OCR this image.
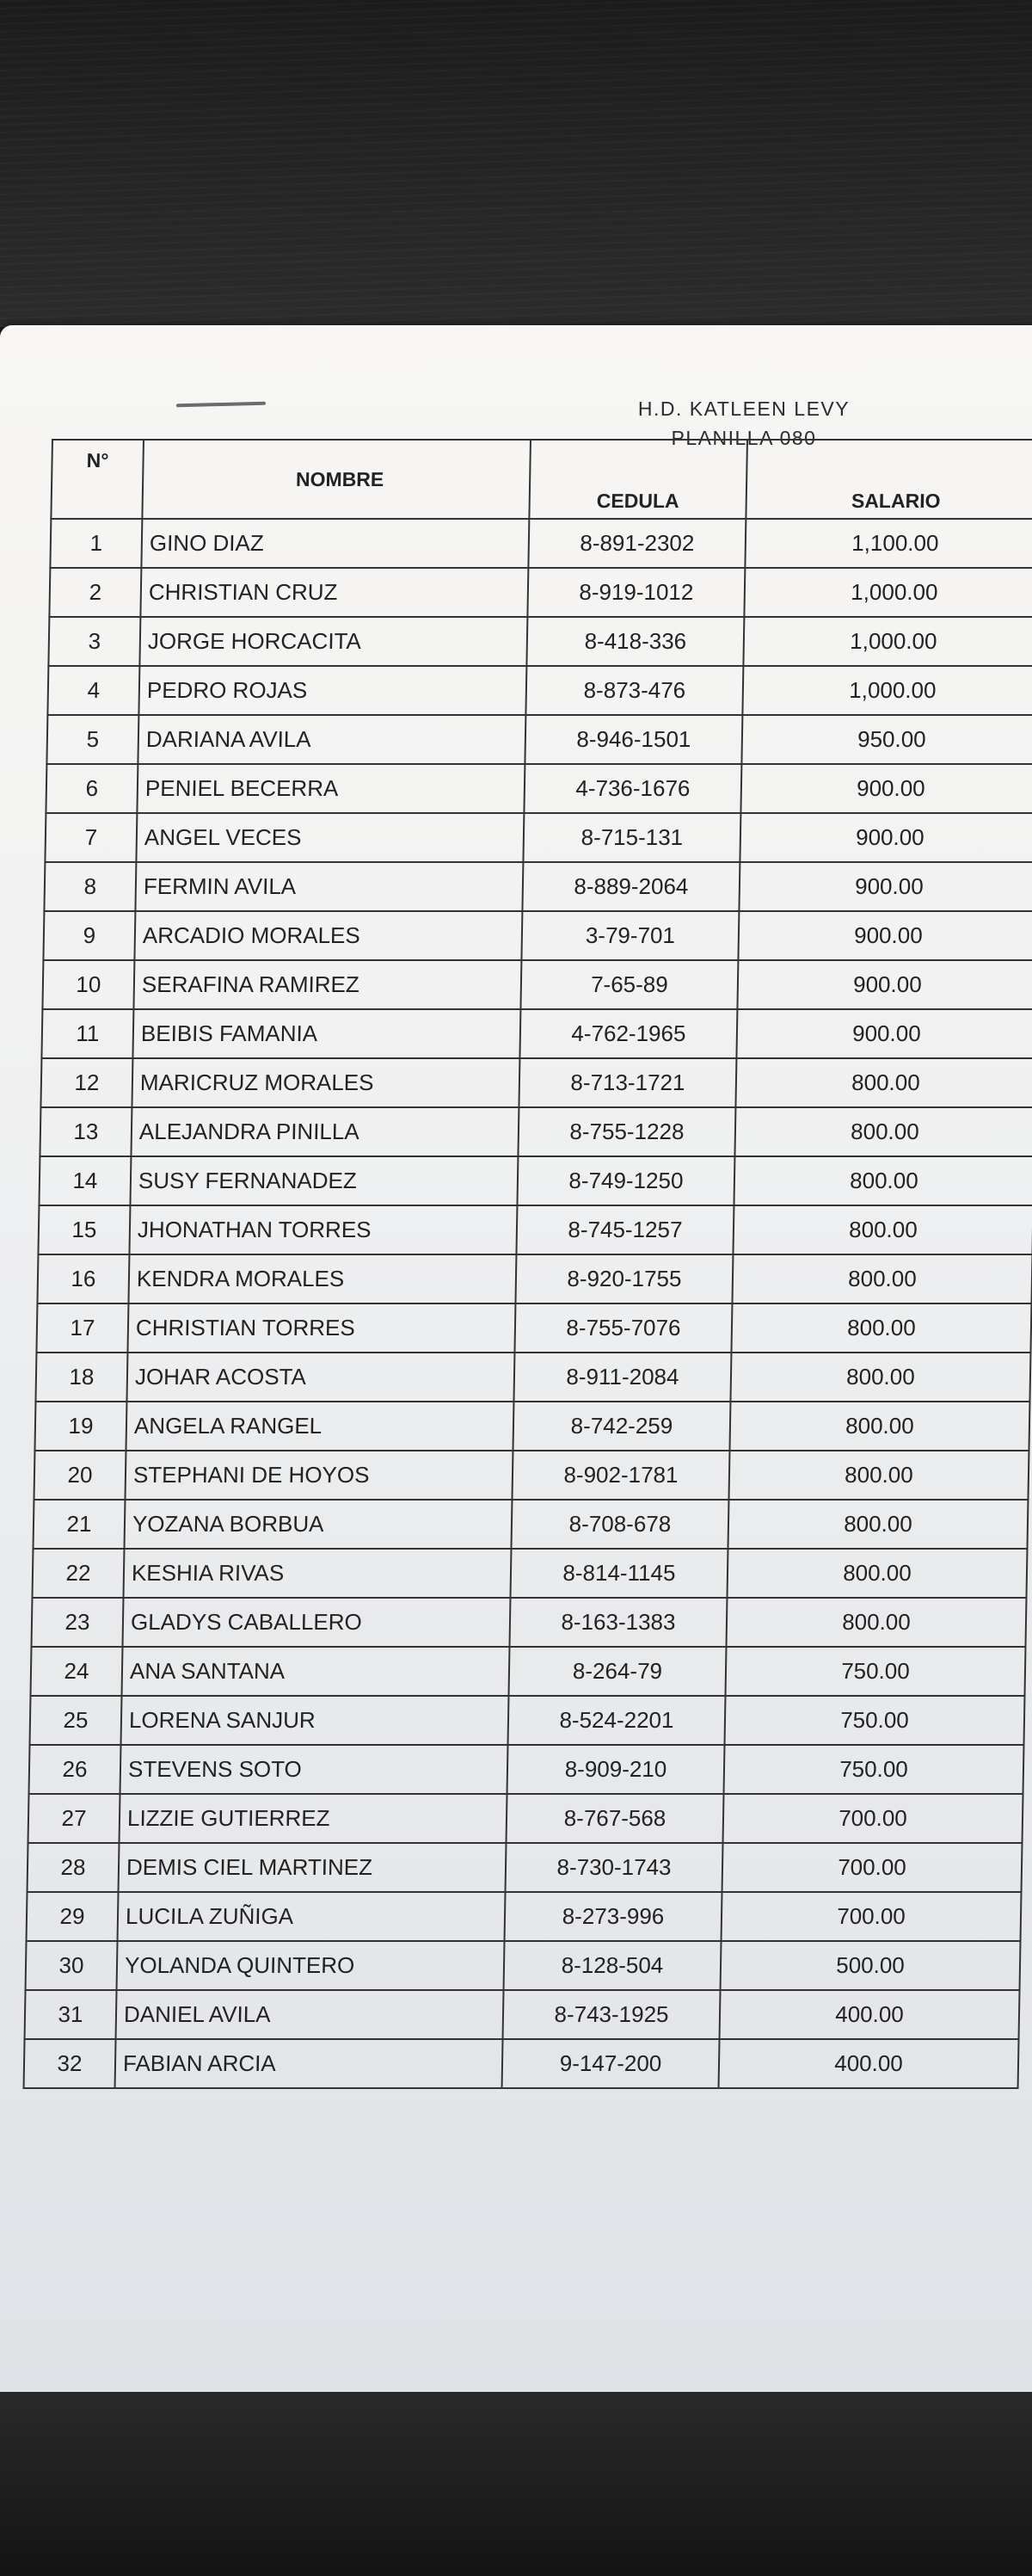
H.D. KATLEEN LEVY
PLANILLA 080
N°	NOMBRE	CEDULA	SALARIO
1	GINO DIAZ	8-891-2302	1,100.00
2	CHRISTIAN CRUZ	8-919-1012	1,000.00
3	JORGE HORCACITA	8-418-336	1,000.00
4	PEDRO ROJAS	8-873-476	1,000.00
5	DARIANA AVILA	8-946-1501	950.00
6	PENIEL BECERRA	4-736-1676	900.00
7	ANGEL VECES	8-715-131	900.00
8	FERMIN AVILA	8-889-2064	900.00
9	ARCADIO MORALES	3-79-701	900.00
10	SERAFINA RAMIREZ	7-65-89	900.00
11	BEIBIS FAMANIA	4-762-1965	900.00
12	MARICRUZ MORALES	8-713-1721	800.00
13	ALEJANDRA PINILLA	8-755-1228	800.00
14	SUSY FERNANADEZ	8-749-1250	800.00
15	JHONATHAN TORRES	8-745-1257	800.00
16	KENDRA MORALES	8-920-1755	800.00
17	CHRISTIAN TORRES	8-755-7076	800.00
18	JOHAR ACOSTA	8-911-2084	800.00
19	ANGELA RANGEL	8-742-259	800.00
20	STEPHANI DE HOYOS	8-902-1781	800.00
21	YOZANA BORBUA	8-708-678	800.00
22	KESHIA RIVAS	8-814-1145	800.00
23	GLADYS CABALLERO	8-163-1383	800.00
24	ANA SANTANA	8-264-79	750.00
25	LORENA SANJUR	8-524-2201	750.00
26	STEVENS SOTO	8-909-210	750.00
27	LIZZIE GUTIERREZ	8-767-568	700.00
28	DEMIS CIEL MARTINEZ	8-730-1743	700.00
29	LUCILA ZUÑIGA	8-273-996	700.00
30	YOLANDA QUINTERO	8-128-504	500.00
31	DANIEL AVILA	8-743-1925	400.00
32	FABIAN ARCIA	9-147-200	400.00
